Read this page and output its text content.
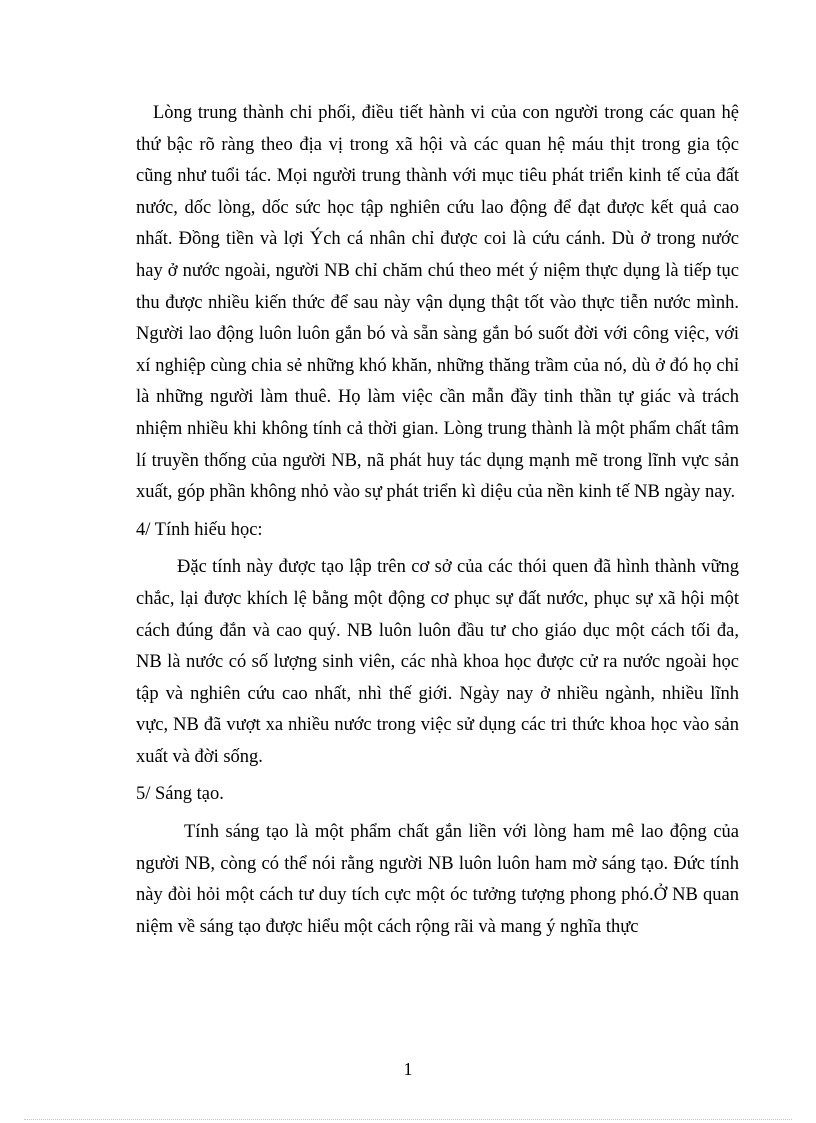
Lòng trung thành chi phối, điều tiết hành vi của con người trong các quan hệ thứ bậc rõ ràng theo địa vị trong xã hội và các quan hệ máu thịt trong gia tộc cũng như tuổi tác. Mọi người trung thành với mục tiêu phát triển kinh tế của đất nước, dốc lòng, dốc sức học tập nghiên cứu lao động để đạt được kết quả cao nhất. Đồng tiền và lợi Ých cá nhân chỉ được coi là cứu cánh. Dù ở trong nước hay ở nước ngoài, người NB chỉ chăm chú theo mét ý niệm thực dụng là tiếp tục thu được nhiều kiến thức để sau này vận dụng thật tốt vào thực tiễn nước mình. Người lao động luôn luôn gắn bó và sẵn sàng gắn bó suốt đời với công việc, với xí nghiệp cùng chia sẻ những khó khăn, những thăng trầm của nó, dù ở đó họ chỉ là những người làm thuê. Họ làm việc cần mẫn đầy tinh thần tự giác và trách nhiệm nhiều khi không tính cả thời gian. Lòng trung thành là một phẩm chất tâm lí truyền thống của người NB, nã phát huy tác dụng mạnh mẽ trong lĩnh vực sản xuất, góp phần không nhỏ vào sự phát triển kì diệu của nền kinh tế NB ngày nay.

4/ Tính hiếu học:

Đặc tính này được tạo lập trên cơ sở của các thói quen đã hình thành vững chắc, lại được khích lệ bằng một động cơ phục sự đất nước, phục sự xã hội một cách đúng đắn và cao quý. NB luôn luôn đầu tư cho giáo dục một cách tối đa, NB là nước có số lượng sinh viên, các nhà khoa học được cử ra nước ngoài học tập và nghiên cứu cao nhất, nhì thế giới. Ngày nay ở nhiều ngành, nhiều lĩnh vực, NB đã vượt xa nhiều nước trong việc sử dụng các tri thức khoa học vào sản xuất và đời sống.

5/ Sáng tạo.

Tính sáng tạo là một phẩm chất gắn liền với lòng ham mê lao động của người NB, còng có thể nói rằng người NB luôn luôn ham mờ sáng tạo. Đức tính này đòi hỏi một cách tư duy tích cực một óc tưởng tượng phong phó.Ở NB quan niệm về sáng tạo được hiểu một cách rộng rãi và mang ý nghĩa thực

1
